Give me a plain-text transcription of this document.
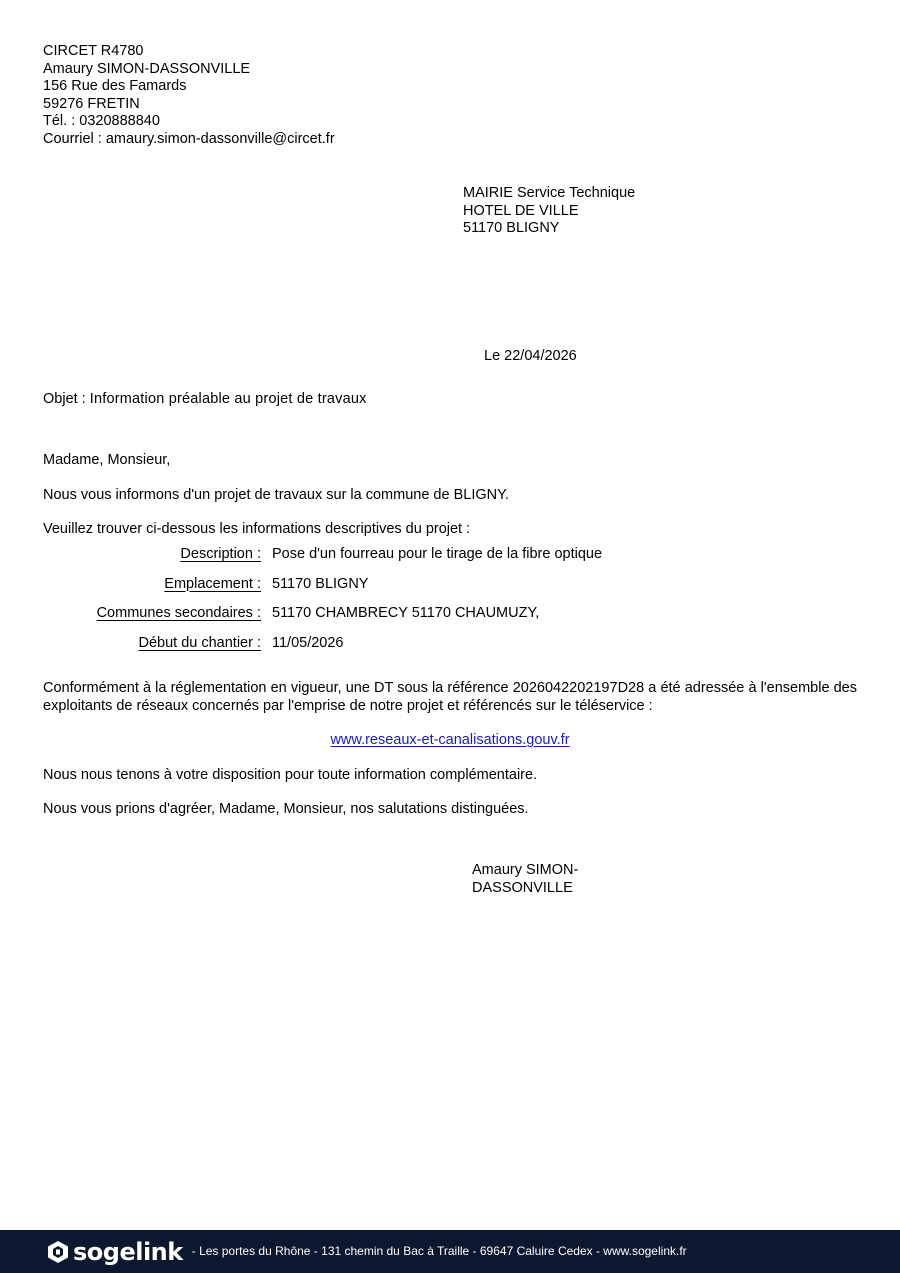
CIRCET R4780
Amaury SIMON-DASSONVILLE
156 Rue des Famards
59276 FRETIN
Tél. : 0320888840
Courriel : amaury.simon-dassonville@circet.fr
MAIRIE Service Technique
HOTEL DE VILLE
51170 BLIGNY
Le 22/04/2026
Objet : Information préalable au projet de travaux
Madame, Monsieur,
Nous vous informons d'un projet de travaux sur la commune de BLIGNY.
Veuillez trouver ci-dessous les informations descriptives du projet :
Description : Pose d'un fourreau pour le tirage de la fibre optique
Emplacement : 51170 BLIGNY
Communes secondaires : 51170 CHAMBRECY 51170 CHAUMUZY,
Début du chantier : 11/05/2026
Conformément à la réglementation en vigueur, une DT sous la référence 2026042202197D28 a été adressée à l'ensemble des exploitants de réseaux concernés par l'emprise de notre projet et référencés sur le téléservice :
www.reseaux-et-canalisations.gouv.fr
Nous nous tenons à votre disposition pour toute information complémentaire.
Nous vous prions d'agréer, Madame, Monsieur, nos salutations distinguées.
Amaury SIMON-DASSONVILLE
sogelink - Les portes du Rhône - 131 chemin du Bac à Traille - 69647 Caluire Cedex - www.sogelink.fr
